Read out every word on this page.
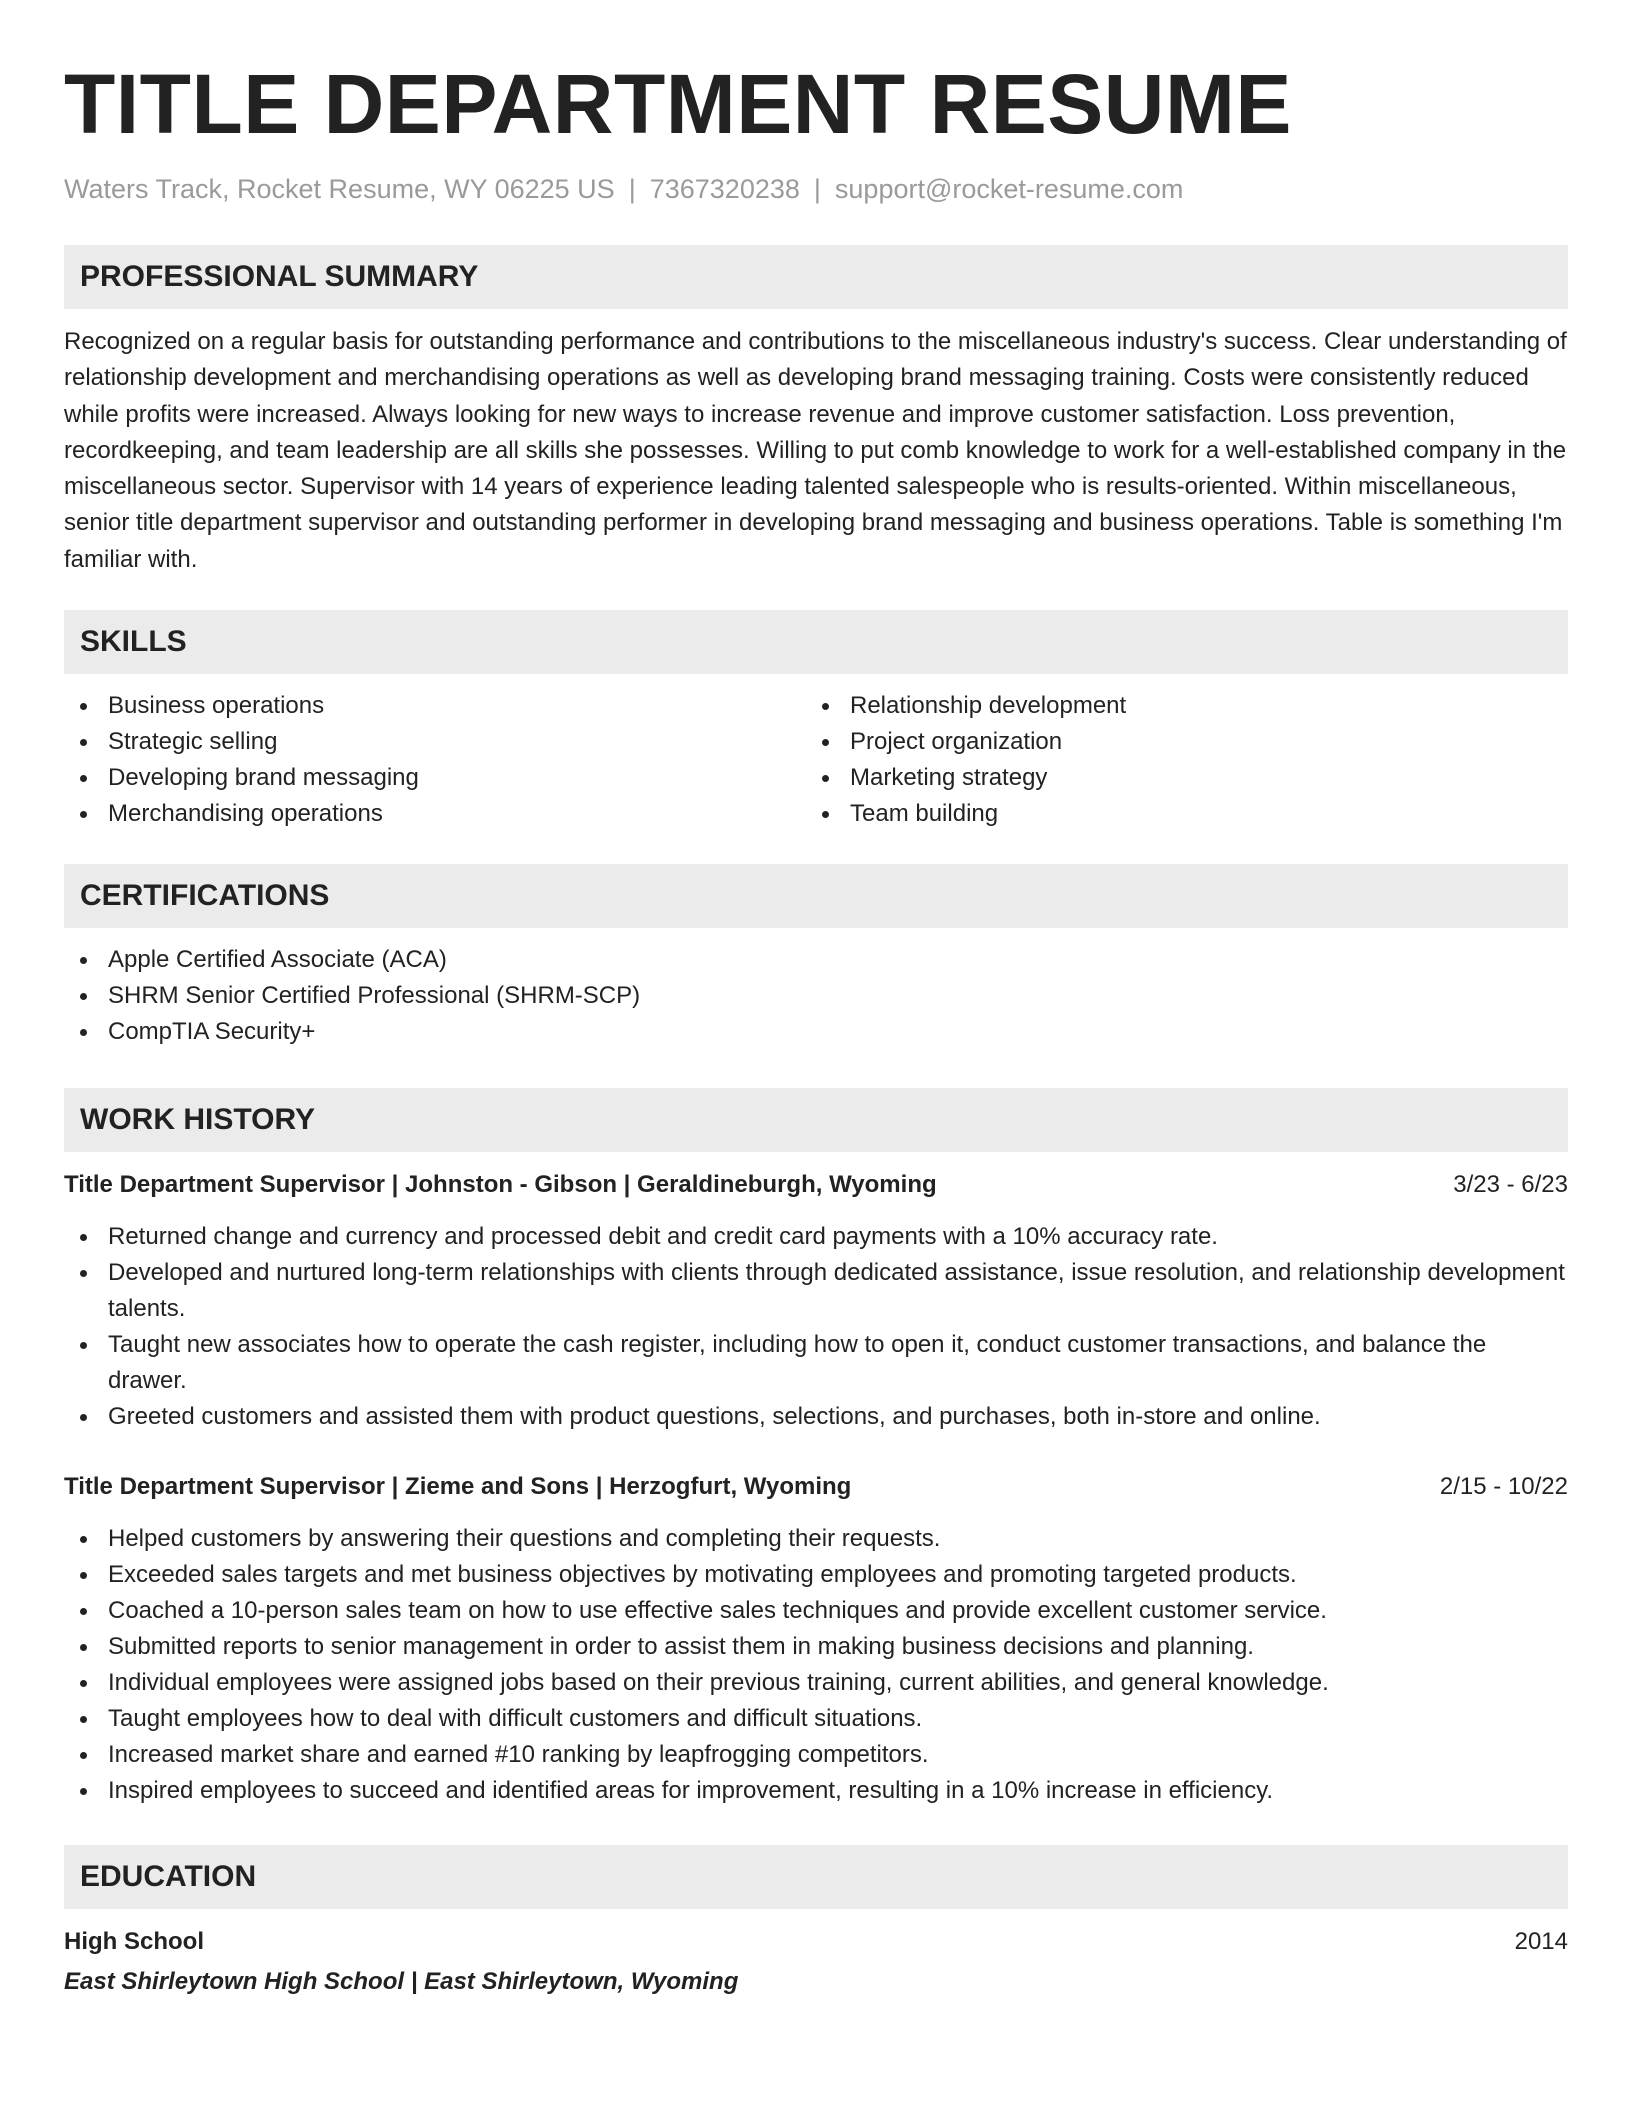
TITLE DEPARTMENT RESUME
Waters Track, Rocket Resume, WY 06225 US | 7367320238 | support@rocket-resume.com
PROFESSIONAL SUMMARY
Recognized on a regular basis for outstanding performance and contributions to the miscellaneous industry's success. Clear understanding of relationship development and merchandising operations as well as developing brand messaging training. Costs were consistently reduced while profits were increased. Always looking for new ways to increase revenue and improve customer satisfaction. Loss prevention, recordkeeping, and team leadership are all skills she possesses. Willing to put comb knowledge to work for a well-established company in the miscellaneous sector. Supervisor with 14 years of experience leading talented salespeople who is results-oriented. Within miscellaneous, senior title department supervisor and outstanding performer in developing brand messaging and business operations. Table is something I'm familiar with.
SKILLS
Business operations
Strategic selling
Developing brand messaging
Merchandising operations
Relationship development
Project organization
Marketing strategy
Team building
CERTIFICATIONS
Apple Certified Associate (ACA)
SHRM Senior Certified Professional (SHRM-SCP)
CompTIA Security+
WORK HISTORY
Title Department Supervisor | Johnston - Gibson | Geraldineburgh, Wyoming	3/23 - 6/23
Returned change and currency and processed debit and credit card payments with a 10% accuracy rate.
Developed and nurtured long-term relationships with clients through dedicated assistance, issue resolution, and relationship development talents.
Taught new associates how to operate the cash register, including how to open it, conduct customer transactions, and balance the drawer.
Greeted customers and assisted them with product questions, selections, and purchases, both in-store and online.
Title Department Supervisor | Zieme and Sons | Herzogfurt, Wyoming	2/15 - 10/22
Helped customers by answering their questions and completing their requests.
Exceeded sales targets and met business objectives by motivating employees and promoting targeted products.
Coached a 10-person sales team on how to use effective sales techniques and provide excellent customer service.
Submitted reports to senior management in order to assist them in making business decisions and planning.
Individual employees were assigned jobs based on their previous training, current abilities, and general knowledge.
Taught employees how to deal with difficult customers and difficult situations.
Increased market share and earned #10 ranking by leapfrogging competitors.
Inspired employees to succeed and identified areas for improvement, resulting in a 10% increase in efficiency.
EDUCATION
High School	2014
East Shirleytown High School | East Shirleytown, Wyoming
